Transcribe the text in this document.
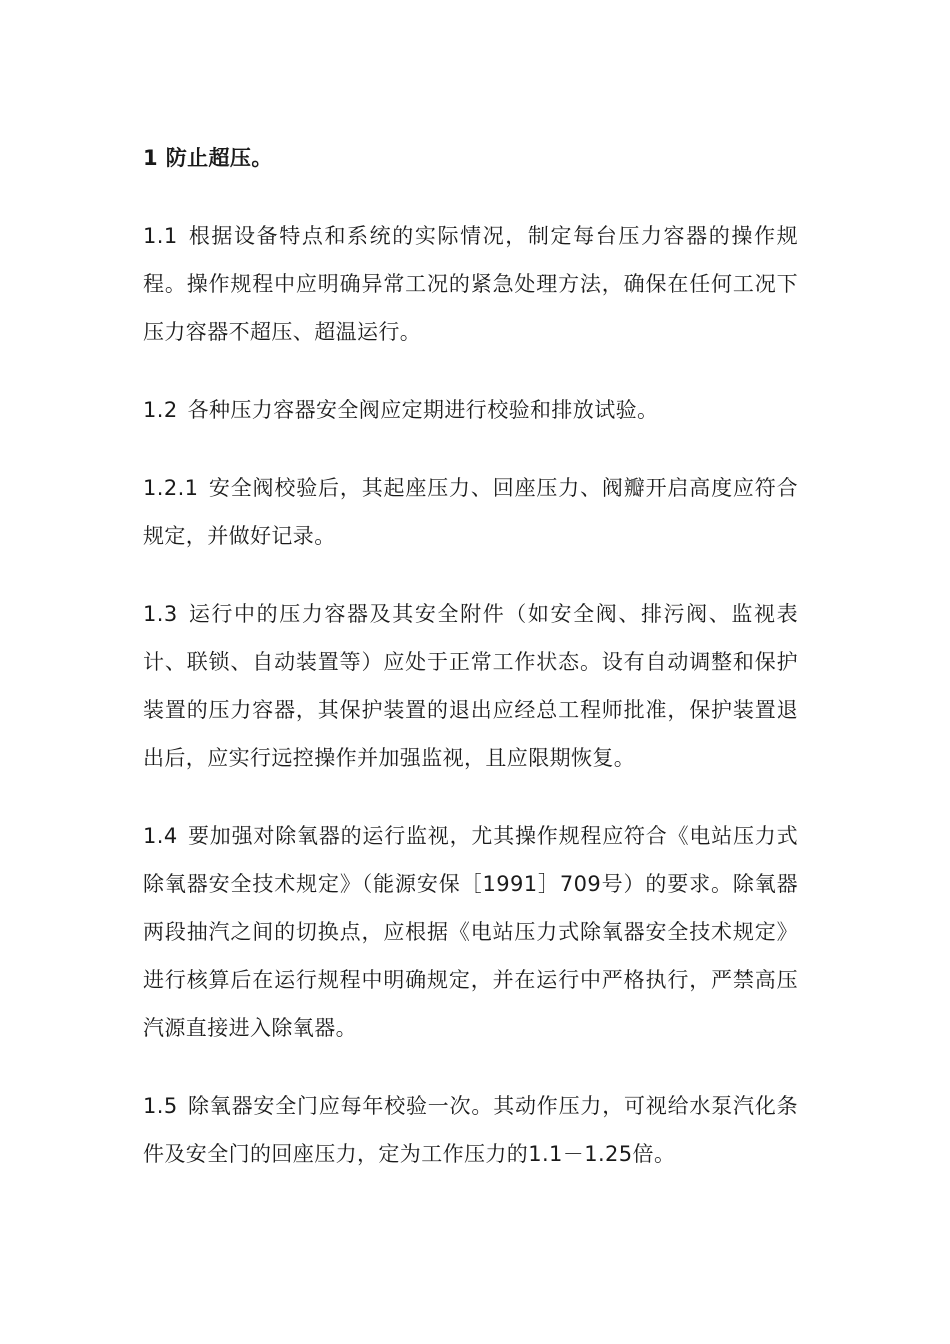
1 防止超压。

1.1 根据设备特点和系统的实际情况，制定每台压力容器的操作规程。操作规程中应明确异常工况的紧急处理方法，确保在任何工况下压力容器不超压、超温运行。

1.2 各种压力容器安全阀应定期进行校验和排放试验。

1.2.1 安全阀校验后，其起座压力、回座压力、阀瓣开启高度应符合规定，并做好记录。

1.3 运行中的压力容器及其安全附件（如安全阀、排污阀、监视表计、联锁、自动装置等）应处于正常工作状态。设有自动调整和保护装置的压力容器，其保护装置的退出应经总工程师批准，保护装置退出后，应实行远控操作并加强监视，且应限期恢复。

1.4 要加强对除氧器的运行监视，尤其操作规程应符合《电站压力式除氧器安全技术规定》（能源安保［1991］709号）的要求。除氧器两段抽汽之间的切换点，应根据《电站压力式除氧器安全技术规定》进行核算后在运行规程中明确规定，并在运行中严格执行，严禁高压汽源直接进入除氧器。

1.5 除氧器安全门应每年校验一次。其动作压力，可视给水泵汽化条件及安全门的回座压力，定为工作压力的1.1－1.25倍。
